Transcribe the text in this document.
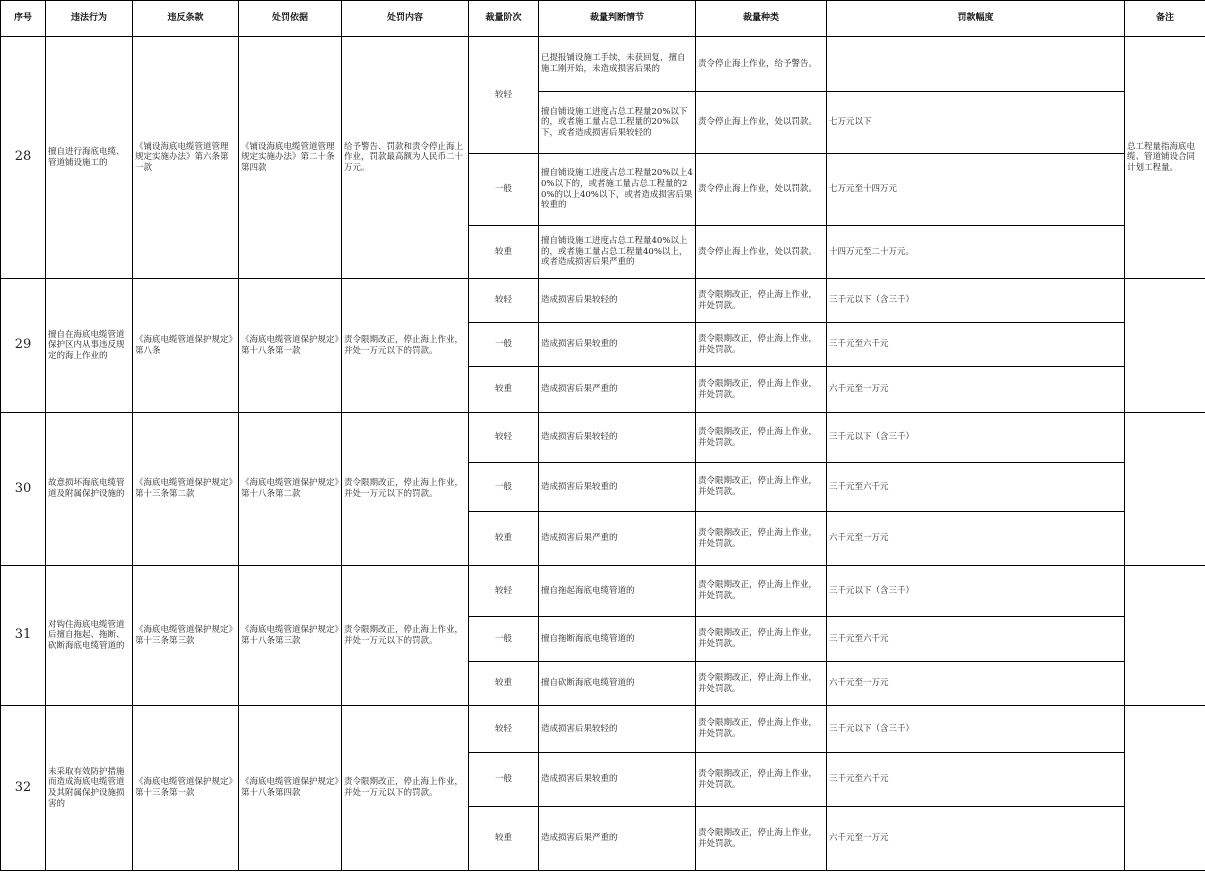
序号	违法行为	违反条款	处罚依据	处罚内容	裁量阶次	裁量判断情节	裁量种类	罚款幅度	备注
28	擅自进行海底电缆、管道铺设施工的	《铺设海底电缆管道管理规定实施办法》第六条第一款	《铺设海底电缆管道管理规定实施办法》第二十条第四款	给予警告、罚款和责令停止海上作业，罚款最高额为人民币二十万元。	较轻	已提报铺设施工手续，未获回复，擅自施工刚开始，未造成损害后果的	责令停止海上作业，给予警告。		总工程量指海底电缆、管道铺设合同计划工程量。
						擅自铺设施工进度占总工程量20%以下的，或者施工量占总工程量的20%以下，或者造成损害后果较轻的	责令停止海上作业，处以罚款。	七万元以下	
					一般	擅自铺设施工进度占总工程量20%以上40%以下的，或者施工量占总工程量的20%的以上40%以下，或者造成损害后果较重的	责令停止海上作业，处以罚款。	七万元至十四万元	
					较重	擅自铺设施工进度占总工程量40%以上的，或者施工量占总工程量40%以上，或者造成损害后果严重的	责令停止海上作业，处以罚款。	十四万元至二十万元。	
29	擅自在海底电缆管道保护区内从事违反规定的海上作业的	《海底电缆管道保护规定》第八条	《海底电缆管道保护规定》第十八条第一款	责令限期改正，停止海上作业，并处一万元以下的罚款。	较轻	造成损害后果较轻的	责令限期改正，停止海上作业，并处罚款。	三千元以下（含三千）	
					一般	造成损害后果较重的	责令限期改正，停止海上作业，并处罚款。	三千元至六千元	
					较重	造成损害后果严重的	责令限期改正，停止海上作业，并处罚款。	六千元至一万元	
30	故意损坏海底电缆管道及附属保护设施的	《海底电缆管道保护规定》第十三条第二款	《海底电缆管道保护规定》第十八条第二款	责令限期改正，停止海上作业，并处一万元以下的罚款。	较轻	造成损害后果较轻的	责令限期改正，停止海上作业，并处罚款。	三千元以下（含三千）	
					一般	造成损害后果较重的	责令限期改正，停止海上作业，并处罚款。	三千元至六千元	
					较重	造成损害后果严重的	责令限期改正，停止海上作业，并处罚款。	六千元至一万元	
31	对钩住海底电缆管道后擅自拖起、拖断、砍断海底电缆管道的	《海底电缆管道保护规定》第十三条第三款	《海底电缆管道保护规定》第十八条第三款	责令限期改正，停止海上作业，并处一万元以下的罚款。	较轻	擅自拖起海底电缆管道的	责令限期改正，停止海上作业，并处罚款。	三千元以下（含三千）	
					一般	擅自拖断海底电缆管道的	责令限期改正，停止海上作业，并处罚款。	三千元至六千元	
					较重	擅自砍断海底电缆管道的	责令限期改正，停止海上作业，并处罚款。	六千元至一万元	
32	未采取有效防护措施而造成海底电缆管道及其附属保护设施损害的	《海底电缆管道保护规定》第十三条第一款	《海底电缆管道保护规定》第十八条第四款	责令限期改正，停止海上作业，并处一万元以下的罚款。	较轻	造成损害后果较轻的	责令限期改正，停止海上作业，并处罚款。	三千元以下（含三千）	
					一般	造成损害后果较重的	责令限期改正，停止海上作业，并处罚款。	三千元至六千元	
					较重	造成损害后果严重的	责令限期改正，停止海上作业，并处罚款。	六千元至一万元	
